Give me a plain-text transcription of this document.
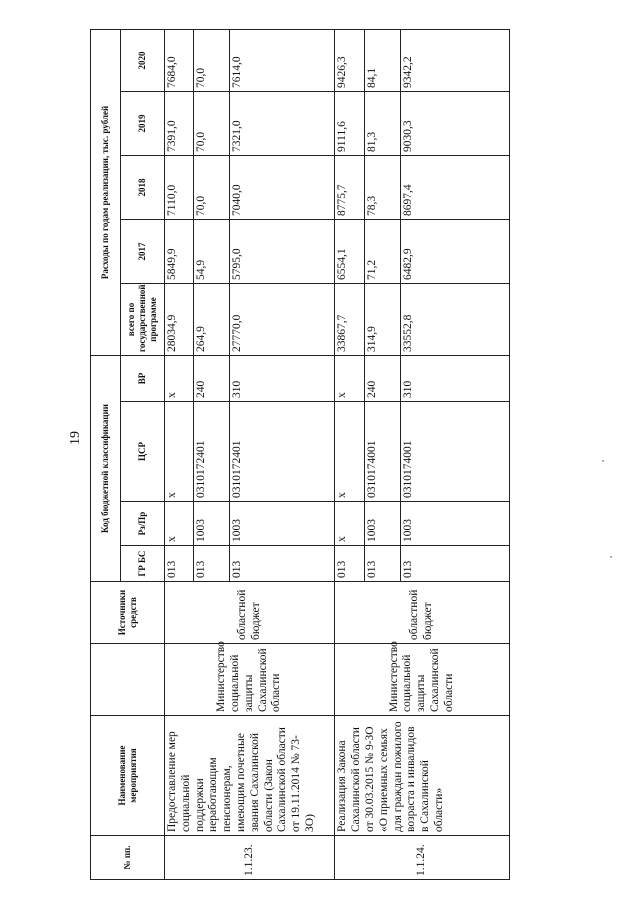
19
№ пп.	Наименование мероприятия		Источники средств	Код бюджетной классификации				Расходы по годам реализации, тыс. рублей				
				ГР БС	Рз/Пр	ЦСР	ВР	всего по государственной программе	2017	2018	2019	2020
1.1.23.	Предоставление мер социальной поддержки неработающим пенсионерам, имеющим почетные звания Сахалинской области (Закон Сахалинской области от 19.11.2014 № 73-ЗО)	Министерство социальной защиты Сахалинской области	областной бюджет	013	х	х	х	28034,9	5849,9	7110,0	7391,0	7684,0
				013	1003	0310172401	240	264,9	54,9	70,0	70,0	70,0
				013	1003	0310172401	310	27770,0	5795,0	7040,0	7321,0	7614,0
1.1.24.	Реализация Закона Сахалинской области от 30.03.2015 № 9-ЗО «О приемных семьях для граждан пожилого возраста и инвалидов в Сахалинской области»	Министерство социальной защиты Сахалинской области	областной бюджет	013	х	х	х	33867,7	6554,1	8775,7	9111,6	9426,3
				013	1003	0310174001	240	314,9	71,2	78,3	81,3	84,1
				013	1003	0310174001	310	33552,8	6482,9	8697,4	9030,3	9342,2
